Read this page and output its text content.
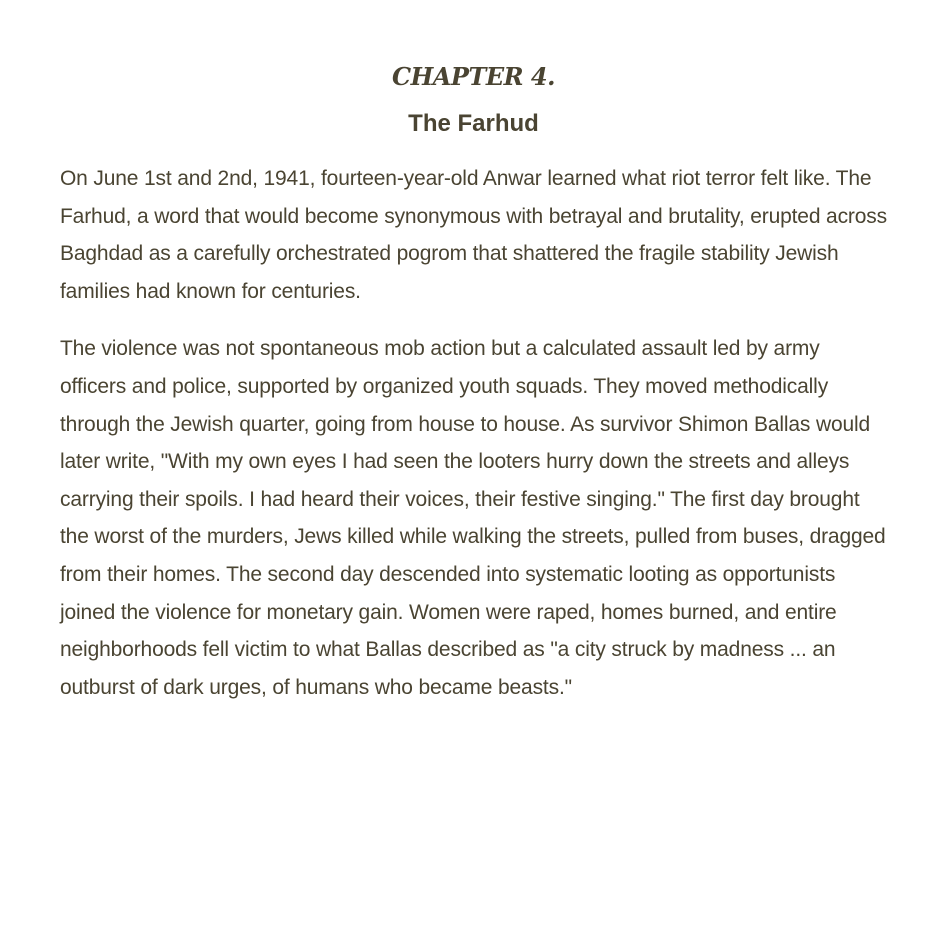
CHAPTER 4.
The Farhud

On June 1st and 2nd, 1941, fourteen-year-old Anwar learned what riot terror felt like. The Farhud, a word that would become synonymous with betrayal and brutality, erupted across Baghdad as a carefully orchestrated pogrom that shattered the fragile stability Jewish families had known for centuries.

The violence was not spontaneous mob action but a calculated assault led by army officers and police, supported by organized youth squads. They moved methodically through the Jewish quarter, going from house to house. As survivor Shimon Ballas would later write, "With my own eyes I had seen the looters hurry down the streets and alleys carrying their spoils. I had heard their voices, their festive singing." The first day brought the worst of the murders, Jews killed while walking the streets, pulled from buses, dragged from their homes. The second day descended into systematic looting as opportunists joined the violence for monetary gain. Women were raped, homes burned, and entire neighborhoods fell victim to what Ballas described as "a city struck by madness ... an outburst of dark urges, of humans who became beasts."
